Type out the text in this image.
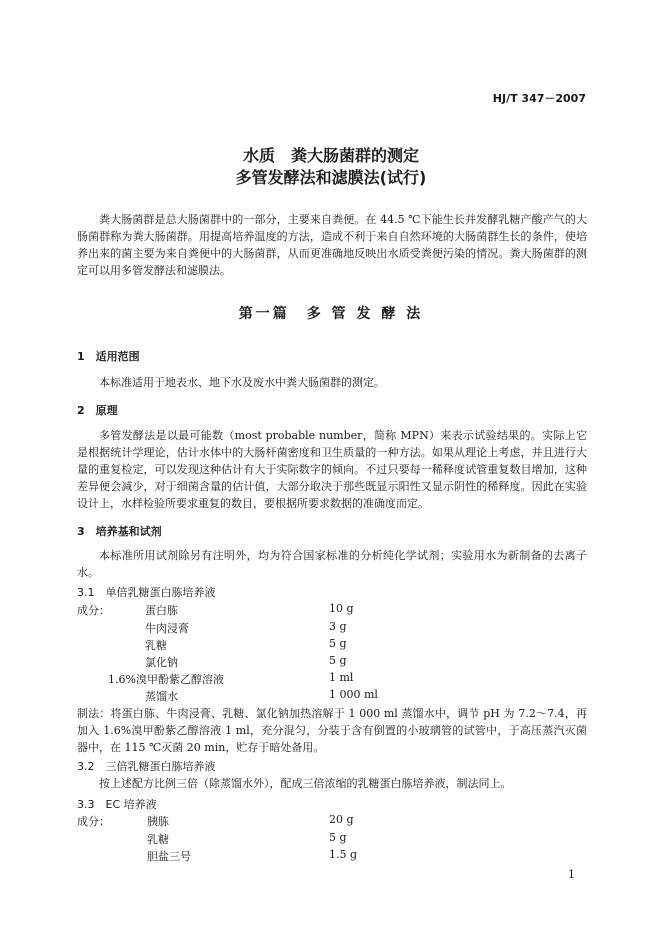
HJ/T 347－2007
水质　粪大肠菌群的测定
多管发酵法和滤膜法(试行)
粪大肠菌群是总大肠菌群中的一部分，主要来自粪便。在 44.5 ℃下能生长并发酵乳糖产酸产气的大肠菌群称为粪大肠菌群。用提高培养温度的方法，造成不利于来自自然环境的大肠菌群生长的条件，使培养出来的菌主要为来自粪便中的大肠菌群，从而更准确地反映出水质受粪便污染的情况。粪大肠菌群的测定可以用多管发酵法和滤膜法。
第一篇　多 管 发 酵 法
1　适用范围
本标准适用于地表水、地下水及废水中粪大肠菌群的测定。
2　原理
多管发酵法是以最可能数（most probable number，简称 MPN）来表示试验结果的。实际上它是根据统计学理论，估计水体中的大肠杆菌密度和卫生质量的一种方法。如果从理论上考虑，并且进行大量的重复检定，可以发现这种估计有大于实际数字的倾向。不过只要每一稀释度试管重复数目增加，这种差异便会减少，对于细菌含量的估计值，大部分取决于那些既显示阳性又显示阴性的稀释度。因此在实验设计上，水样检验所要求重复的数目，要根据所要求数据的准确度而定。
3　培养基和试剂
本标准所用试剂除另有注明外，均为符合国家标准的分析纯化学试剂；实验用水为新制备的去离子水。
3.1　单倍乳糖蛋白胨培养液
成分：	蛋白胨	10 g
牛肉浸膏	3 g
乳糖	5 g
氯化钠	5 g
1.6%溴甲酚紫乙醇溶液	1 ml
蒸馏水	1 000 ml
制法：将蛋白胨、牛肉浸膏、乳糖、氯化钠加热溶解于 1 000 ml 蒸馏水中，调节 pH 为 7.2～7.4，再加入 1.6%溴甲酚紫乙醇溶液 1 ml，充分混匀，分装于含有倒置的小玻璃管的试管中，于高压蒸汽灭菌器中，在 115 ℃灭菌 20 min，贮存于暗处备用。
3.2　三倍乳糖蛋白胨培养液
按上述配方比例三倍（除蒸馏水外），配成三倍浓缩的乳糖蛋白胨培养液，制法同上。
3.3　EC 培养液
成分：	胰胨	20 g
乳糖	5 g
胆盐三号	1.5 g
1
